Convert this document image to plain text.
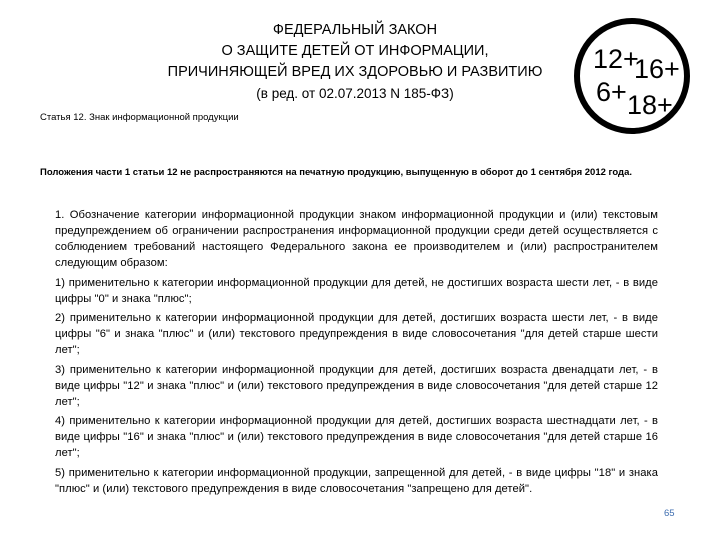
ФЕДЕРАЛЬНЫЙ ЗАКОН
О ЗАЩИТЕ ДЕТЕЙ ОТ ИНФОРМАЦИИ,
ПРИЧИНЯЮЩЕЙ ВРЕД ИХ ЗДОРОВЬЮ И РАЗВИТИЮ
(в ред. от 02.07.2013 N 185-ФЗ)
12+
16+
6+ 18+
Статья 12. Знак информационной продукции
Положения части 1 статьи 12 не распространяются на печатную продукцию, выпущенную в оборот до 1 сентября 2012 года.

1. Обозначение категории информационной продукции знаком информационной продукции и (или) текстовым предупреждением об ограничении распространения информационной продукции среди детей осуществляется с соблюдением требований настоящего Федерального закона ее производителем и (или) распространителем следующим образом:

1) применительно к категории информационной продукции для детей, не достигших возраста шести лет, - в виде цифры "0" и знака "плюс";

2) применительно к категории информационной продукции для детей, достигших возраста шести лет, - в виде цифры "6" и знака "плюс" и (или) текстового предупреждения в виде словосочетания "для детей старше шести лет";

3) применительно к категории информационной продукции для детей, достигших возраста двенадцати лет, - в виде цифры "12" и знака "плюс" и (или) текстового предупреждения в виде словосочетания "для детей старше 12 лет";

4) применительно к категории информационной продукции для детей, достигших возраста шестнадцати лет, - в виде цифры "16" и знака "плюс" и (или) текстового предупреждения в виде словосочетания "для детей старше 16 лет";

5) применительно к категории информационной продукции, запрещенной для детей, - в виде цифры "18" и знака "плюс" и (или) текстового предупреждения в виде словосочетания "запрещено для детей".

65
